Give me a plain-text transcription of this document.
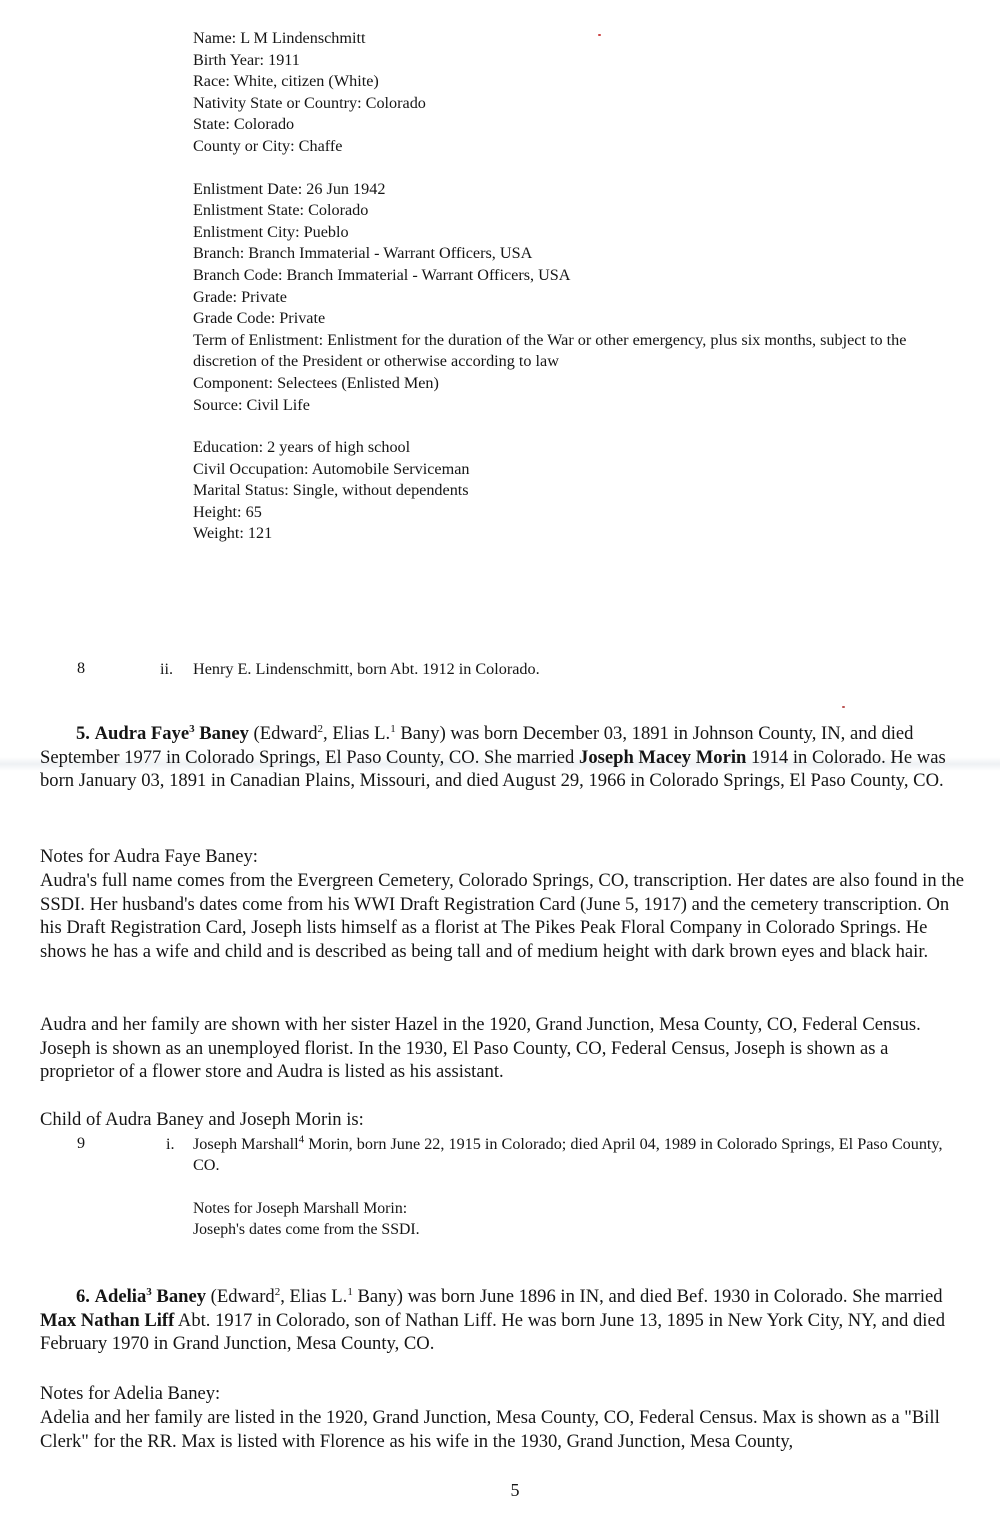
Name: L M Lindenschmitt
Birth Year: 1911
Race: White, citizen (White)
Nativity State or Country: Colorado
State: Colorado
County or City: Chaffe
Enlistment Date: 26 Jun 1942
Enlistment State: Colorado
Enlistment City: Pueblo
Branch: Branch Immaterial - Warrant Officers, USA
Branch Code: Branch Immaterial - Warrant Officers, USA
Grade: Private
Grade Code: Private
Term of Enlistment: Enlistment for the duration of the War or other emergency, plus six months, subject to the discretion of the President or otherwise according to law
Component: Selectees (Enlisted Men)
Source: Civil Life
Education: 2 years of high school
Civil Occupation: Automobile Serviceman
Marital Status: Single, without dependents
Height: 65
Weight: 121
8	ii. Henry E. Lindenschmitt, born Abt. 1912 in Colorado.
5. Audra Faye$^3$ Baney (Edward$^2$, Elias L.$^1$ Bany) was born December 03, 1891 in Johnson County, IN, and died September 1977 in Colorado Springs, El Paso County, CO. She married Joseph Macey Morin 1914 in Colorado. He was born January 03, 1891 in Canadian Plains, Missouri, and died August 29, 1966 in Colorado Springs, El Paso County, CO.
Notes for Audra Faye Baney:
Audra's full name comes from the Evergreen Cemetery, Colorado Springs, CO, transcription. Her dates are also found in the SSDI. Her husband's dates come from his WWI Draft Registration Card (June 5, 1917) and the cemetery transcription. On his Draft Registration Card, Joseph lists himself as a florist at The Pikes Peak Floral Company in Colorado Springs. He shows he has a wife and child and is described as being tall and of medium height with dark brown eyes and black hair.
Audra and her family are shown with her sister Hazel in the 1920, Grand Junction, Mesa County, CO, Federal Census. Joseph is shown as an unemployed florist. In the 1930, El Paso County, CO, Federal Census, Joseph is shown as a proprietor of a flower store and Audra is listed as his assistant.
Child of Audra Baney and Joseph Morin is:
9	i. Joseph Marshall$^4$ Morin, born June 22, 1915 in Colorado; died April 04, 1989 in Colorado Springs, El Paso County, CO.
Notes for Joseph Marshall Morin:
Joseph's dates come from the SSDI.
6. Adelia$^3$ Baney (Edward$^2$, Elias L.$^1$ Bany) was born June 1896 in IN, and died Bef. 1930 in Colorado. She married Max Nathan Liff Abt. 1917 in Colorado, son of Nathan Liff. He was born June 13, 1895 in New York City, NY, and died February 1970 in Grand Junction, Mesa County, CO.
Notes for Adelia Baney:
Adelia and her family are listed in the 1920, Grand Junction, Mesa County, CO, Federal Census. Max is shown as a "Bill Clerk" for the RR. Max is listed with Florence as his wife in the 1930, Grand Junction, Mesa County,
5
